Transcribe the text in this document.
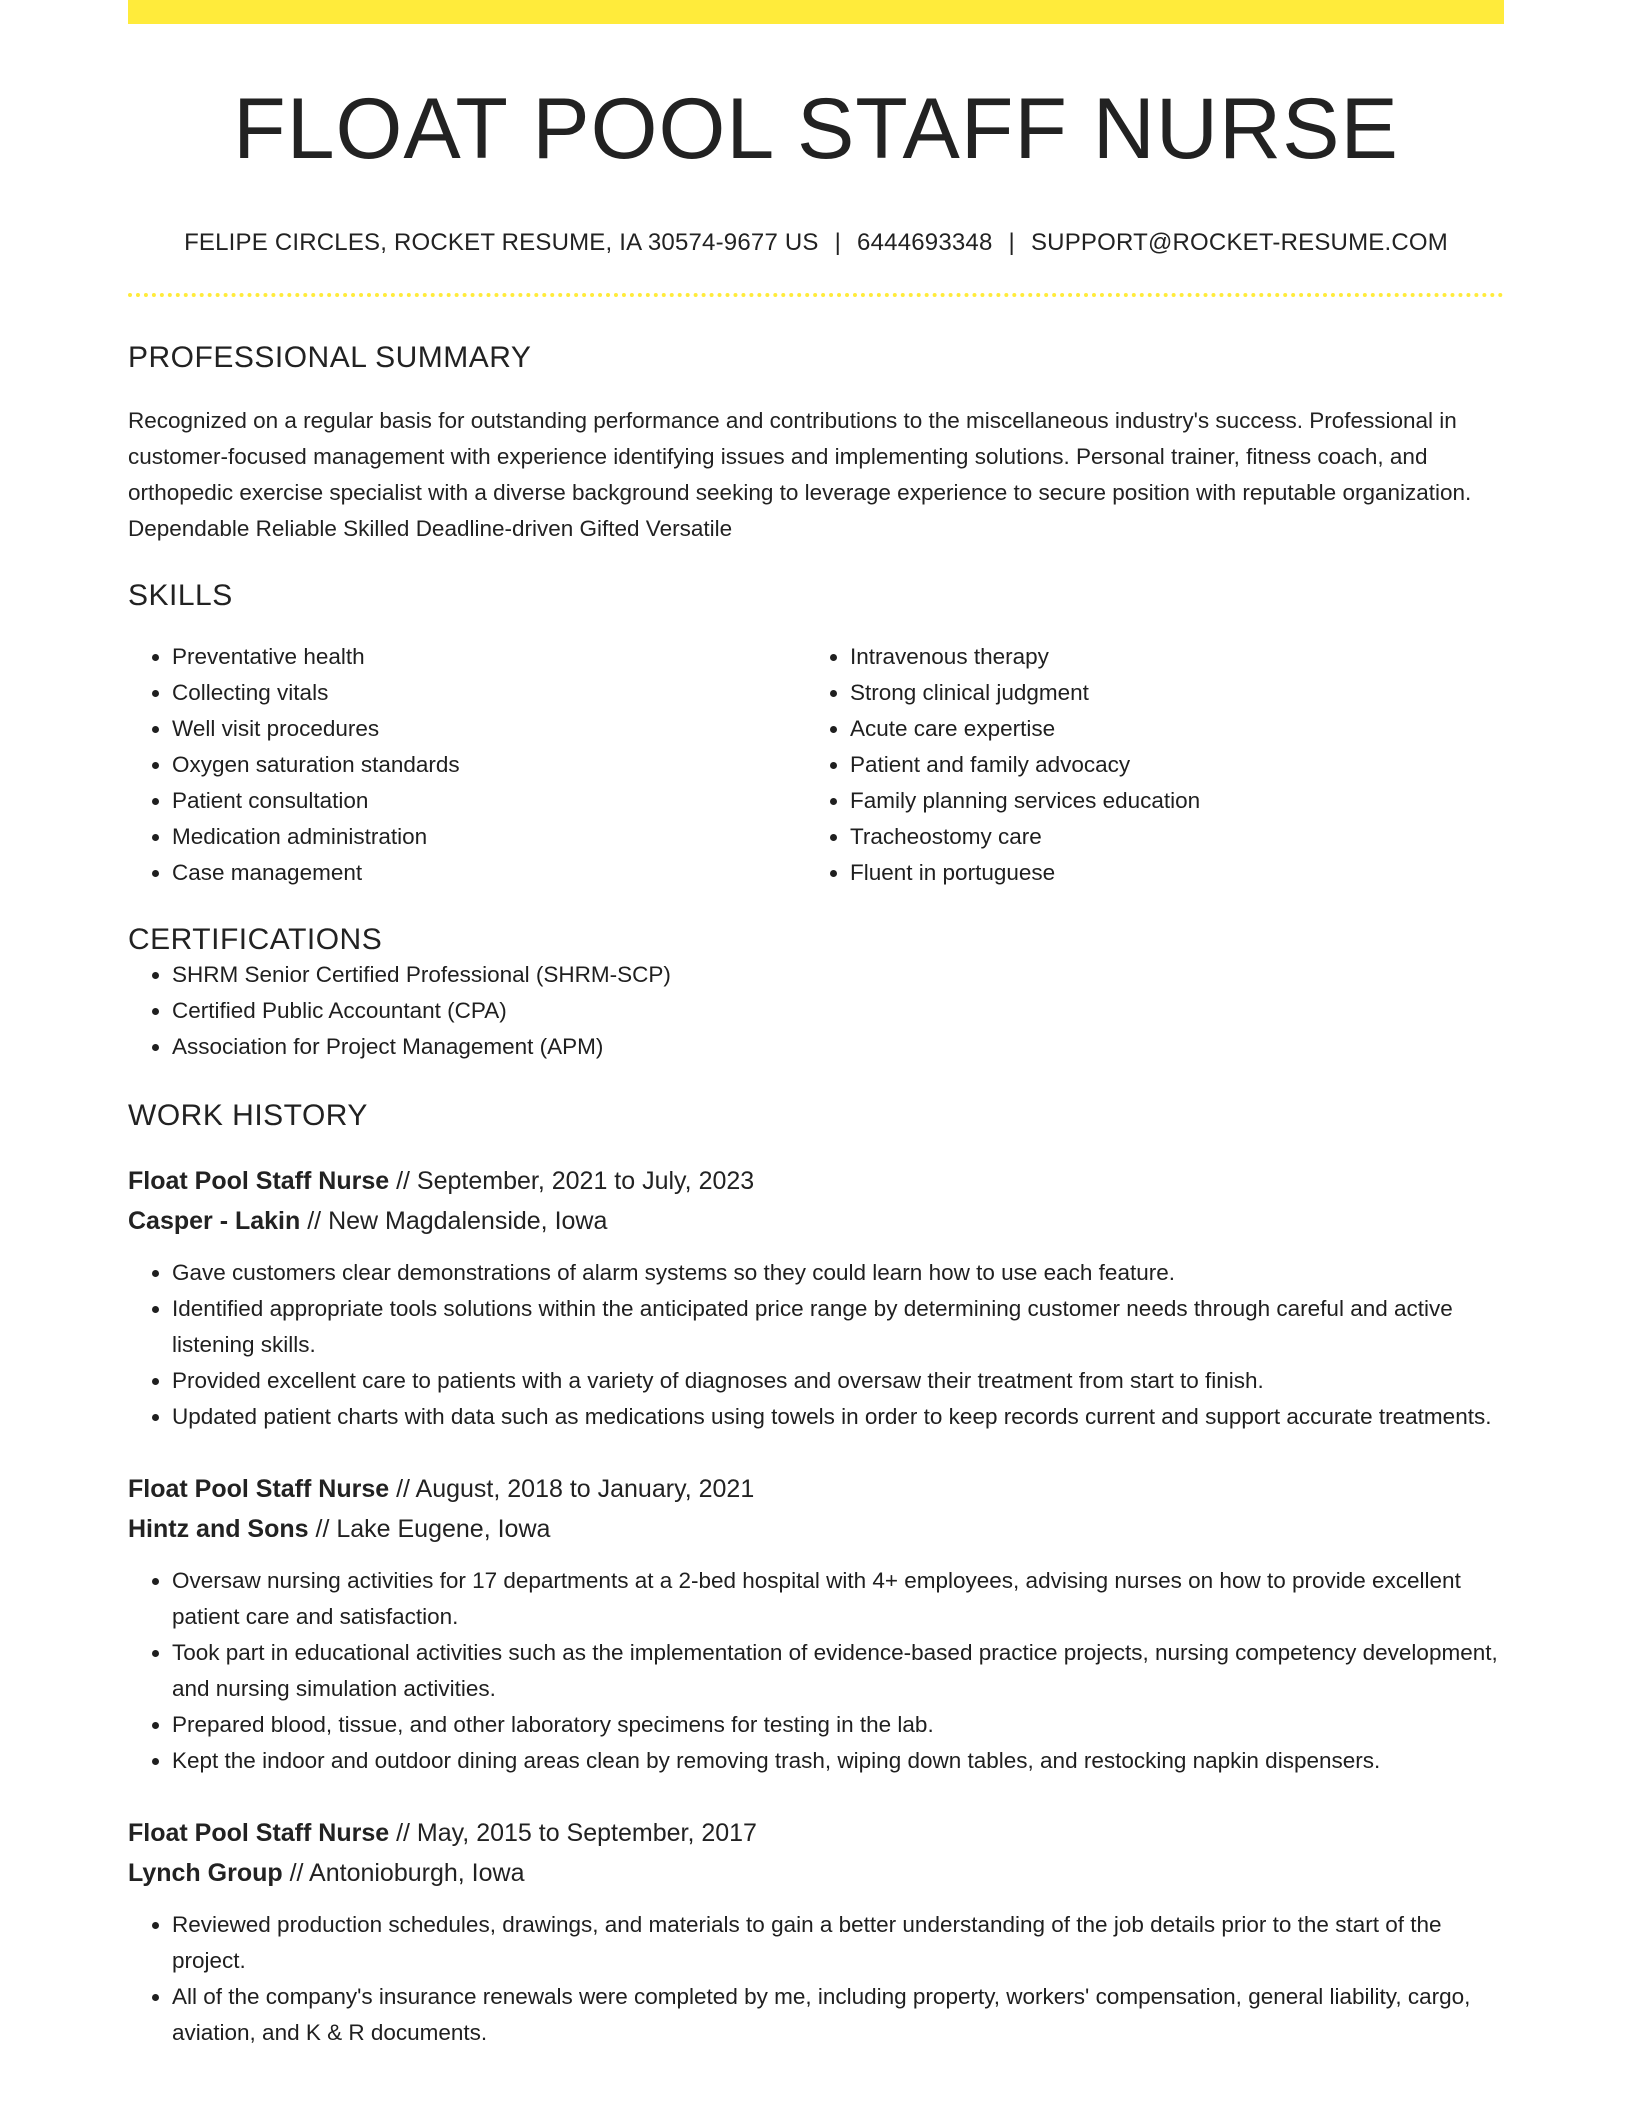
FLOAT POOL STAFF NURSE
FELIPE CIRCLES, ROCKET RESUME, IA 30574-9677 US | 6444693348 | SUPPORT@ROCKET-RESUME.COM
PROFESSIONAL SUMMARY
Recognized on a regular basis for outstanding performance and contributions to the miscellaneous industry's success. Professional in customer-focused management with experience identifying issues and implementing solutions. Personal trainer, fitness coach, and orthopedic exercise specialist with a diverse background seeking to leverage experience to secure position with reputable organization. Dependable Reliable Skilled Deadline-driven Gifted Versatile
SKILLS
• Preventative health
• Collecting vitals
• Well visit procedures
• Oxygen saturation standards
• Patient consultation
• Medication administration
• Case management
• Intravenous therapy
• Strong clinical judgment
• Acute care expertise
• Patient and family advocacy
• Family planning services education
• Tracheostomy care
• Fluent in portuguese
CERTIFICATIONS
• SHRM Senior Certified Professional (SHRM-SCP)
• Certified Public Accountant (CPA)
• Association for Project Management (APM)
WORK HISTORY
Float Pool Staff Nurse // September, 2021 to July, 2023
Casper - Lakin // New Magdalenside, Iowa
• Gave customers clear demonstrations of alarm systems so they could learn how to use each feature.
• Identified appropriate tools solutions within the anticipated price range by determining customer needs through careful and active listening skills.
• Provided excellent care to patients with a variety of diagnoses and oversaw their treatment from start to finish.
• Updated patient charts with data such as medications using towels in order to keep records current and support accurate treatments.
Float Pool Staff Nurse // August, 2018 to January, 2021
Hintz and Sons // Lake Eugene, Iowa
• Oversaw nursing activities for 17 departments at a 2-bed hospital with 4+ employees, advising nurses on how to provide excellent patient care and satisfaction.
• Took part in educational activities such as the implementation of evidence-based practice projects, nursing competency development, and nursing simulation activities.
• Prepared blood, tissue, and other laboratory specimens for testing in the lab.
• Kept the indoor and outdoor dining areas clean by removing trash, wiping down tables, and restocking napkin dispensers.
Float Pool Staff Nurse // May, 2015 to September, 2017
Lynch Group // Antonioburgh, Iowa
• Reviewed production schedules, drawings, and materials to gain a better understanding of the job details prior to the start of the project.
• All of the company's insurance renewals were completed by me, including property, workers' compensation, general liability, cargo, aviation, and K & R documents.
